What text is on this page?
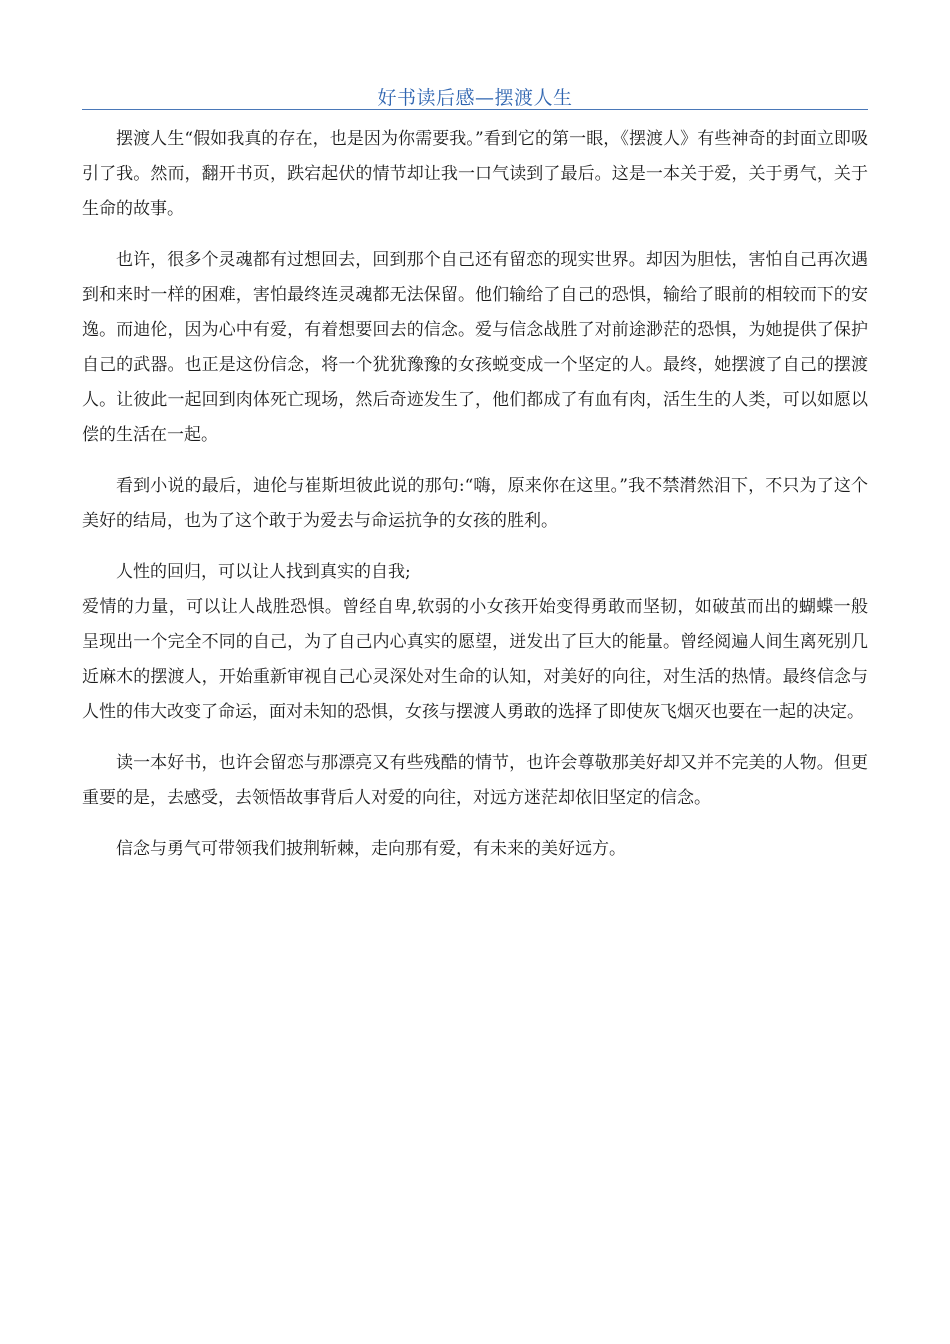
好书读后感—摆渡人生

摆渡人生“假如我真的存在，也是因为你需要我。”看到它的第一眼，《摆渡人》有些神奇的封面立即吸引了我。然而，翻开书页，跌宕起伏的情节却让我一口气读到了最后。这是一本关于爱，关于勇气，关于生命的故事。

也许，很多个灵魂都有过想回去，回到那个自己还有留恋的现实世界。却因为胆怯，害怕自己再次遇到和来时一样的困难，害怕最终连灵魂都无法保留。他们输给了自己的恐惧，输给了眼前的相较而下的安逸。而迪伦，因为心中有爱，有着想要回去的信念。爱与信念战胜了对前途渺茫的恐惧，为她提供了保护自己的武器。也正是这份信念，将一个犹犹豫豫的女孩蜕变成一个坚定的人。最终，她摆渡了自己的摆渡人。让彼此一起回到肉体死亡现场，然后奇迹发生了，他们都成了有血有肉，活生生的人类，可以如愿以偿的生活在一起。

看到小说的最后，迪伦与崔斯坦彼此说的那句:“嗨，原来你在这里。”我不禁潸然泪下，不只为了这个美好的结局，也为了这个敢于为爱去与命运抗争的女孩的胜利。

人性的回归，可以让人找到真实的自我;

爱情的力量，可以让人战胜恐惧。曾经自卑,软弱的小女孩开始变得勇敢而坚韧，如破茧而出的蝴蝶一般呈现出一个完全不同的自己，为了自己内心真实的愿望，迸发出了巨大的能量。曾经阅遍人间生离死别几近麻木的摆渡人，开始重新审视自己心灵深处对生命的认知，对美好的向往，对生活的热情。最终信念与人性的伟大改变了命运，面对未知的恐惧，女孩与摆渡人勇敢的选择了即使灰飞烟灭也要在一起的决定。

读一本好书，也许会留恋与那漂亮又有些残酷的情节，也许会尊敬那美好却又并不完美的人物。但更重要的是，去感受，去领悟故事背后人对爱的向往，对远方迷茫却依旧坚定的信念。

信念与勇气可带领我们披荆斩棘，走向那有爱，有未来的美好远方。
